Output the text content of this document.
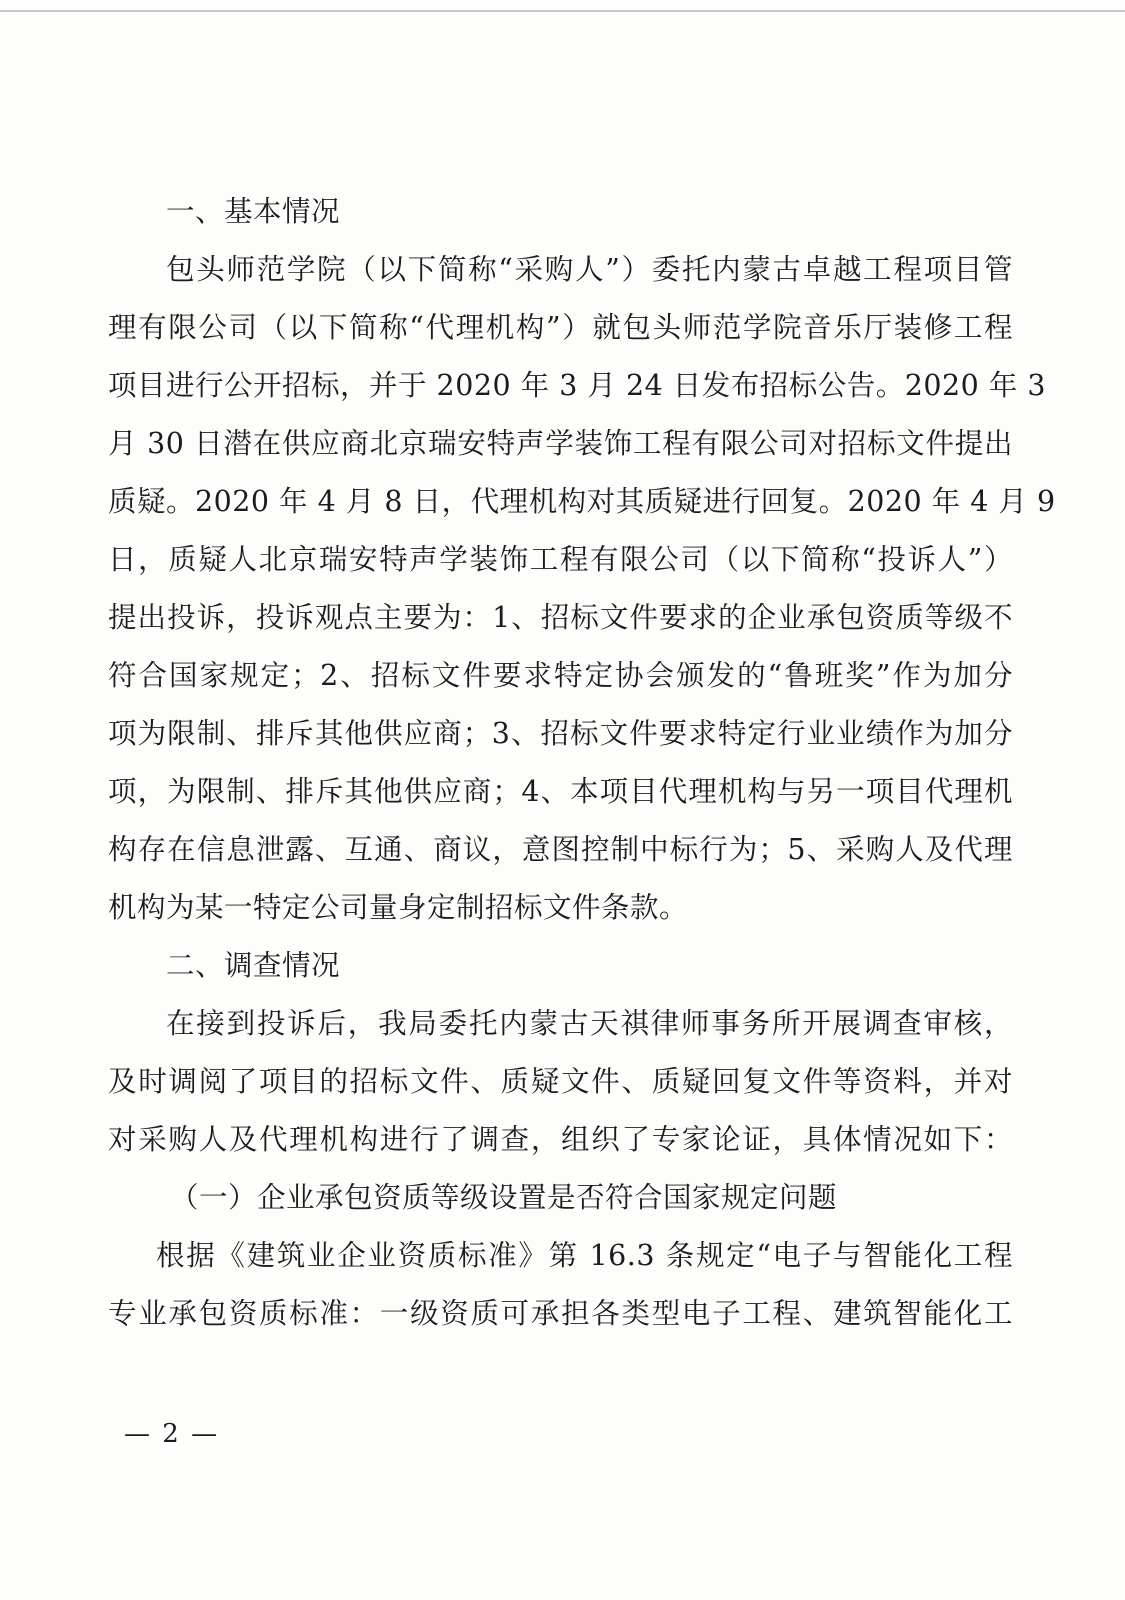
一、基本情况
包头师范学院（以下简称“采购人”）委托内蒙古卓越工程项目管
理有限公司（以下简称“代理机构”）就包头师范学院音乐厅装修工程
项目进行公开招标，并于 2020 年 3 月 24 日发布招标公告。2020 年 3
月 30 日潜在供应商北京瑞安特声学装饰工程有限公司对招标文件提出
质疑。2020 年 4 月 8 日，代理机构对其质疑进行回复。2020 年 4 月 9
日，质疑人北京瑞安特声学装饰工程有限公司（以下简称“投诉人”）
提出投诉，投诉观点主要为：1、招标文件要求的企业承包资质等级不
符合国家规定；2、招标文件要求特定协会颁发的“鲁班奖”作为加分
项为限制、排斥其他供应商；3、招标文件要求特定行业业绩作为加分
项，为限制、排斥其他供应商；4、本项目代理机构与另一项目代理机
构存在信息泄露、互通、商议，意图控制中标行为；5、采购人及代理
机构为某一特定公司量身定制招标文件条款。
二、调查情况
在接到投诉后，我局委托内蒙古天祺律师事务所开展调查审核，
及时调阅了项目的招标文件、质疑文件、质疑回复文件等资料，并对
对采购人及代理机构进行了调查，组织了专家论证，具体情况如下：
（一）企业承包资质等级设置是否符合国家规定问题
根据《建筑业企业资质标准》第 16.3 条规定“电子与智能化工程
专业承包资质标准：一级资质可承担各类型电子工程、建筑智能化工
— 2 —
